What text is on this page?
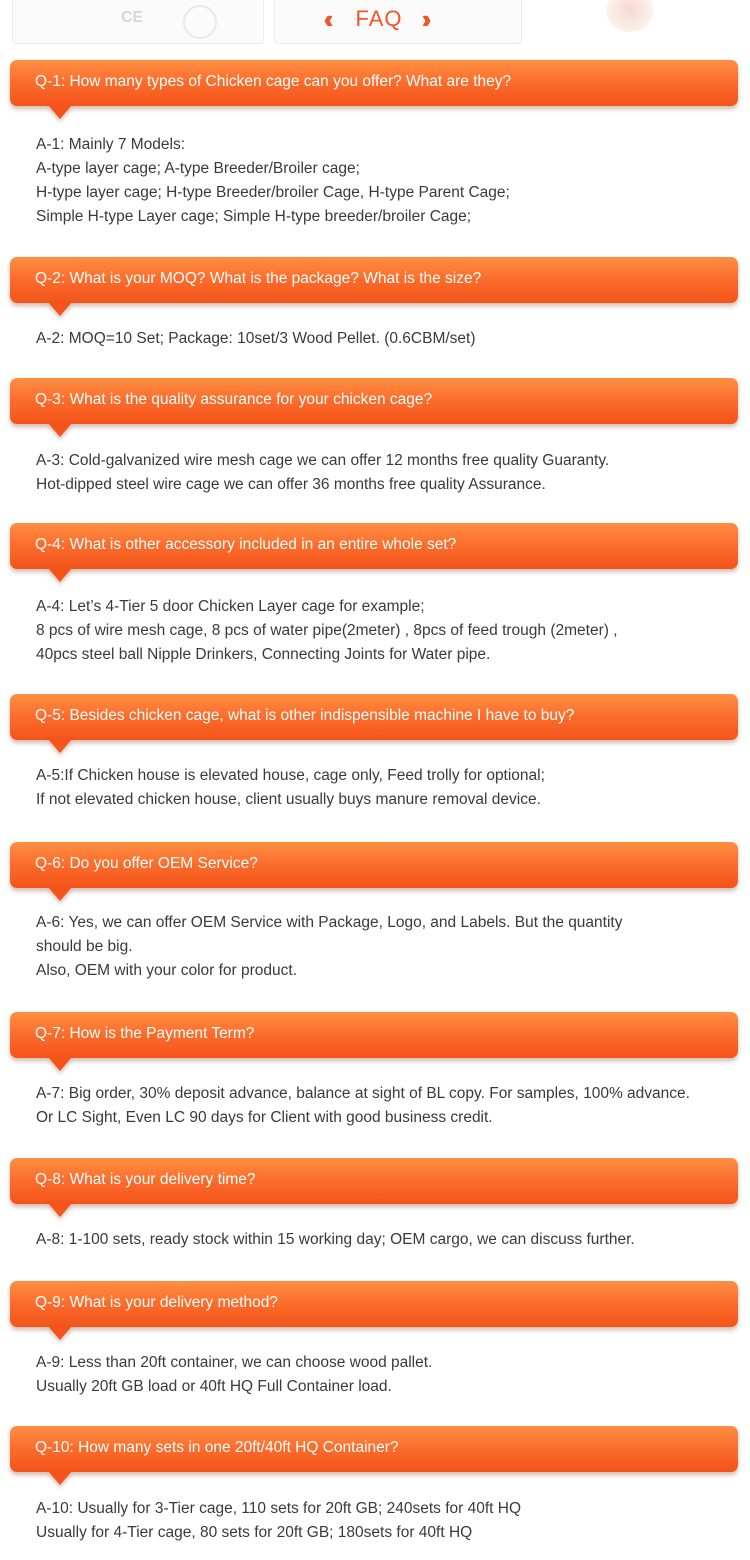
CE	FAQ
Q-1: How many types of Chicken cage can you offer? What are they?
A-1: Mainly 7 Models:
A-type layer cage; A-type Breeder/Broiler cage;
H-type layer cage; H-type Breeder/broiler Cage, H-type Parent Cage;
Simple H-type Layer cage; Simple H-type breeder/broiler Cage;
Q-2: What is your MOQ? What is the package? What is the size?
A-2: MOQ=10 Set; Package: 10set/3 Wood Pellet. (0.6CBM/set)
Q-3: What is the quality assurance for your chicken cage?
A-3: Cold-galvanized wire mesh cage we can offer 12 months free quality Guaranty.
Hot-dipped steel wire cage we can offer 36 months free quality Assurance.
Q-4: What is other accessory included in an entire whole set?
A-4: Let’s 4-Tier 5 door Chicken Layer cage for example;
8 pcs of wire mesh cage, 8 pcs of water pipe(2meter) , 8pcs of feed trough (2meter) ,
40pcs steel ball Nipple Drinkers, Connecting Joints for Water pipe.
Q-5: Besides chicken cage, what is other indispensible machine I have to buy?
A-5:If Chicken house is elevated house, cage only, Feed trolly for optional;
If not elevated chicken house, client usually buys manure removal device.
Q-6: Do you offer OEM Service?
A-6: Yes, we can offer OEM Service with Package, Logo, and Labels. But the quantity
should be big.
Also, OEM with your color for product.
Q-7: How is the Payment Term?
A-7: Big order, 30% deposit advance, balance at sight of BL copy. For samples, 100% advance.
Or LC Sight, Even LC 90 days for Client with good business credit.
Q-8: What is your delivery time?
A-8: 1-100 sets, ready stock within 15 working day; OEM cargo, we can discuss further.
Q-9: What is your delivery method?
A-9: Less than 20ft container, we can choose wood pallet.
Usually 20ft GB load or 40ft HQ Full Container load.
Q-10: How many sets in one 20ft/40ft HQ Container?
A-10: Usually for 3-Tier cage, 110 sets for 20ft GB; 240sets for 40ft HQ
Usually for 4-Tier cage, 80 sets for 20ft GB; 180sets for 40ft HQ
